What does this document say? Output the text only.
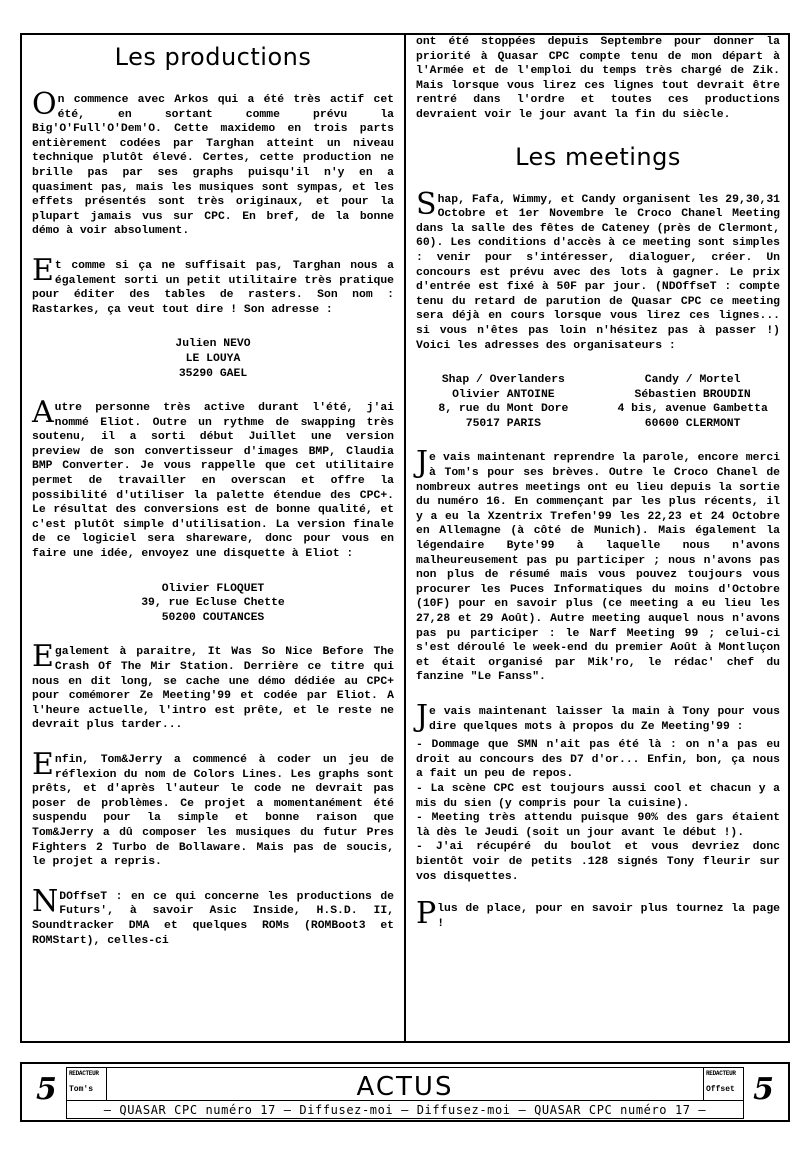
Les productions

On commence avec Arkos qui a été très actif cet été, en sortant comme prévu la Big'O'Full'O'Dem'O. Cette maxidemo en trois parts entièrement codées par Targhan atteint un niveau technique plutôt élevé. Certes, cette production ne brille pas par ses graphs puisqu'il n'y en a quasiment pas, mais les musiques sont sympas, et les effets présentés sont très originaux, et pour la plupart jamais vus sur CPC. En bref, de la bonne démo à voir absolument.

Et comme si ça ne suffisait pas, Targhan nous a également sorti un petit utilitaire très pratique pour éditer des tables de rasters. Son nom : Rastarkes, ça veut tout dire ! Son adresse :

Julien NEVO
LE LOUYA
35290 GAEL

Autre personne très active durant l'été, j'ai nommé Eliot. Outre un rythme de swapping très soutenu, il a sorti début Juillet une version preview de son convertisseur d'images BMP, Claudia BMP Converter. Je vous rappelle que cet utilitaire permet de travailler en overscan et offre la possibilité d'utiliser la palette étendue des CPC+. Le résultat des conversions est de bonne qualité, et c'est plutôt simple d'utilisation. La version finale de ce logiciel sera shareware, donc pour vous en faire une idée, envoyez une disquette à Eliot :

Olivier FLOQUET
39, rue Ecluse Chette
50200 COUTANCES

Egalement à paraitre, It Was So Nice Before The Crash Of The Mir Station. Derrière ce titre qui nous en dit long, se cache une démo dédiée au CPC+ pour comémorer Ze Meeting'99 et codée par Eliot. A l'heure actuelle, l'intro est prête, et le reste ne devrait plus tarder...

Enfin, Tom&Jerry a commencé à coder un jeu de réflexion du nom de Colors Lines. Les graphs sont prêts, et d'après l'auteur le code ne devrait pas poser de problèmes. Ce projet a momentanément été suspendu pour la simple et bonne raison que Tom&Jerry a dû composer les musiques du futur Pres Fighters 2 Turbo de Bollaware. Mais pas de soucis, le projet a repris.

N DOffseT : en ce qui concerne les productions de Futurs', à savoir Asic Inside, H.S.D. II, Soundtracker DMA et quelques ROMs (ROMBoot3 et ROMStart), celles-ci

ont été stoppées depuis Septembre pour donner la priorité à Quasar CPC compte tenu de mon départ à l'Armée et de l'emploi du temps très chargé de Zik. Mais lorsque vous lirez ces lignes tout devrait être rentré dans l'ordre et toutes ces productions devraient voir le jour avant la fin du siècle.

Les meetings

Shap, Fafa, Wimmy, et Candy organisent les 29,30,31 Octobre et 1er Novembre le Croco Chanel Meeting dans la salle des fêtes de Cateney (près de Clermont, 60). Les conditions d'accès à ce meeting sont simples : venir pour s'intéresser, dialoguer, créer. Un concours est prévu avec des lots à gagner. Le prix d'entrée est fixé à 50F par jour. (NDOffseT : compte tenu du retard de parution de Quasar CPC ce meeting sera déjà en cours lorsque vous lirez ces lignes... si vous n'êtes pas loin n'hésitez pas à passer !) Voici les adresses des organisateurs :

Shap / Overlanders
Olivier ANTOINE
8, rue du Mont Dore
75017 PARIS
Candy / Mortel
Sébastien BROUDIN
4 bis, avenue Gambetta
60600 CLERMONT

Je vais maintenant reprendre la parole, encore merci à Tom's pour ses brèves. Outre le Croco Chanel de nombreux autres meetings ont eu lieu depuis la sortie du numéro 16. En commençant par les plus récents, il y a eu la Xzentrix Trefen'99 les 22,23 et 24 Octobre en Allemagne (à côté de Munich). Mais également la légendaire Byte'99 à laquelle nous n'avons malheureusement pas pu participer ; nous n'avons pas non plus de résumé mais vous pouvez toujours vous procurer les Puces Informatiques du moins d'Octobre (10F) pour en savoir plus (ce meeting a eu lieu les 27,28 et 29 Août). Autre meeting auquel nous n'avons pas pu participer : le Narf Meeting 99 ; celui-ci s'est déroulé le week-end du premier Août à Montluçon et était organisé par Mik'ro, le rédac' chef du fanzine "Le Fanss".

Je vais maintenant laisser la main à Tony pour vous dire quelques mots à propos du Ze Meeting'99 :

- Dommage que SMN n'ait pas été là : on n'a pas eu droit au concours des D7 d'or... Enfin, bon, ça nous a fait un peu de repos.

- La scène CPC est toujours aussi cool et chacun y a mis du sien (y compris pour la cuisine).

- Meeting très attendu puisque 90% des gars étaient là dès le Jeudi (soit un jour avant le début !).

- J'ai récupéré du boulot et vous devriez donc bientôt voir de petits .128 signés Tony fleurir sur vos disquettes.

Plus de place, pour en savoir plus tournez la page !

5 REDACTEUR
Tom's	ACTUS	REDACTEUR
Offset
— QUASAR CPC numéro 17 — Diffusez-moi — Diffusez-moi — QUASAR CPC numéro 17 —
5
